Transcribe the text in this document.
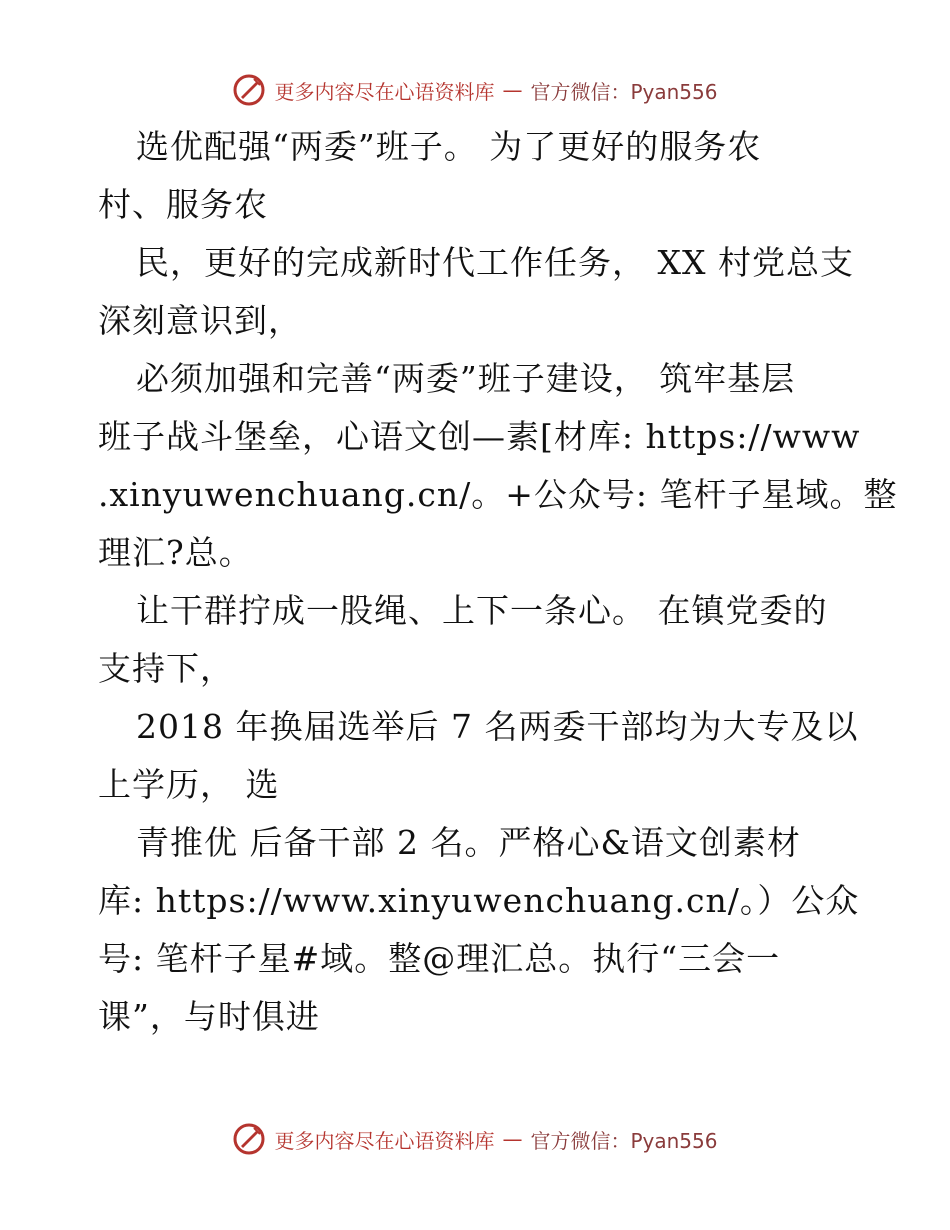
更多内容尽在心语资料库 — 官方微信：Pyan556
选优配强“两委”班子。 为了更好的服务农
村、服务农
民，更好的完成新时代工作任务， XX 村党总支
深刻意识到，
必须加强和完善“两委”班子建设， 筑牢基层
班子战斗堡垒，心语文创—素[材库: https://www
.xinyuwenchuang.cn/。+公众号: 笔杆子星域。整
理汇?总。
让干群拧成一股绳、上下一条心。 在镇党委的
支持下，
2018 年换届选举后 7 名两委干部均为大专及以
上学历， 选
青推优 后备干部 2 名。严格心&语文创素材
库: https://www.xinyuwenchuang.cn/。）公众
号: 笔杆子星#域。整@理汇总。执行“三会一
课”，与时俱进
更多内容尽在心语资料库 — 官方微信：Pyan556
